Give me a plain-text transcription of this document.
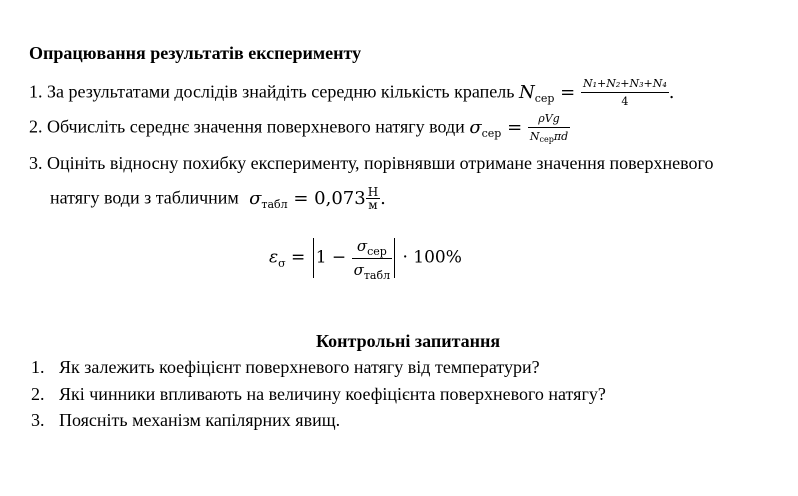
Опрацювання результатів експерименту
1. За результатами дослідів знайдіть середню кількість крапель $N_{сер} = \frac{\text{N₁+N₂+N₃+N₄}}{4}$ .
2. Обчисліть середнє значення поверхневого натягу води $\sigma_{сер} = \frac{\text{ρVg}}{\text{Nсерπd}}$
3. Оцініть відносну похибку експерименту, порівнявши отримане значення поверхневого
натягу води з табличним $\sigma_{табл} = 0,073 \frac{Н}{м}$ .
$\varepsilon_\sigma = 1 - \frac{\sigma_{сер}}{\sigma_{табл}} \cdot 100\%$
Контрольні запитання
1. Як залежить коефіцієнт поверхневого натягу від температури?
2. Які чинники впливають на величину коефіцієнта поверхневого натягу?
3. Поясніть механізм капілярних явищ.
